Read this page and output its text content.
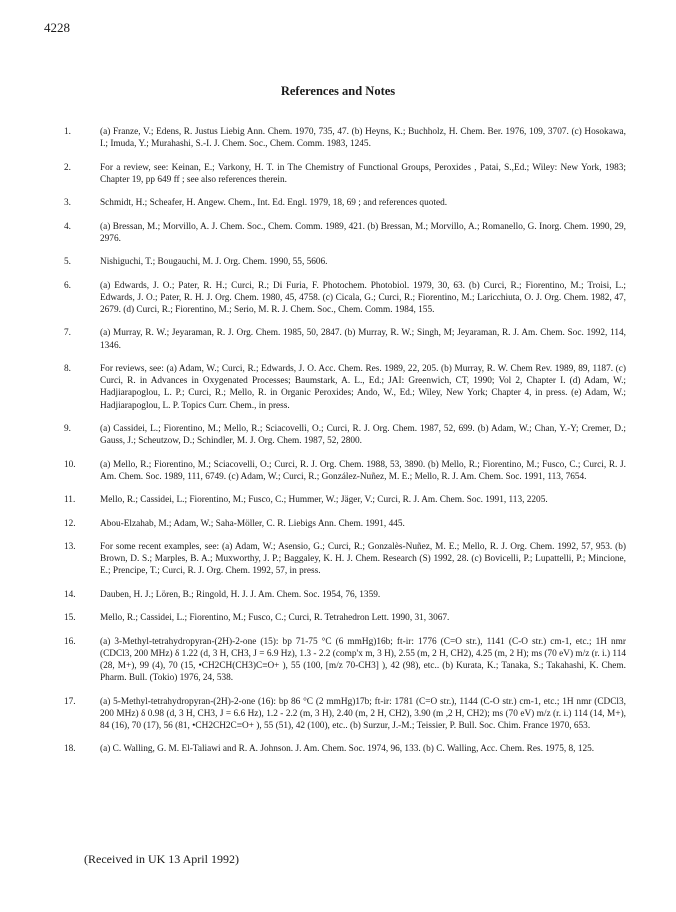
4228
References and Notes
1.	(a) Franze, V.; Edens, R. Justus Liebig Ann. Chem. 1970, 735, 47. (b) Heyns, K.; Buchholz, H. Chem. Ber. 1976, 109, 3707. (c) Hosokawa, I.; Imuda, Y.; Murahashi, S.-I. J. Chem. Soc., Chem. Comm. 1983, 1245.
2.	For a review, see: Keinan, E.; Varkony, H. T. in The Chemistry of Functional Groups, Peroxides , Patai, S.,Ed.; Wiley: New York, 1983; Chapter 19, pp 649 ff ; see also references therein.
3.	Schmidt, H.; Scheafer, H. Angew. Chem., Int. Ed. Engl. 1979, 18, 69 ; and references quoted.
4.	(a) Bressan, M.; Morvillo, A. J. Chem. Soc., Chem. Comm. 1989, 421. (b) Bressan, M.; Morvillo, A.; Romanello, G. Inorg. Chem. 1990, 29, 2976.
5.	Nishiguchi, T.; Bougauchi, M. J. Org. Chem. 1990, 55, 5606.
6.	(a) Edwards, J. O.; Pater, R. H.; Curci, R.; Di Furia, F. Photochem. Photobiol. 1979, 30, 63. (b) Curci, R.; Fiorentino, M.; Troisi, L.; Edwards, J. O.; Pater, R. H. J. Org. Chem. 1980, 45, 4758. (c) Cicala, G.; Curci, R.; Fiorentino, M.; Laricchiuta, O. J. Org. Chem. 1982, 47, 2679. (d) Curci, R.; Fiorentino, M.; Serio, M. R. J. Chem. Soc., Chem. Comm. 1984, 155.
7.	(a) Murray, R. W.; Jeyaraman, R. J. Org. Chem. 1985, 50, 2847. (b) Murray, R. W.; Singh, M; Jeyaraman, R. J. Am. Chem. Soc. 1992, 114, 1346.
8.	For reviews, see: (a) Adam, W.; Curci, R.; Edwards, J. O. Acc. Chem. Res. 1989, 22, 205. (b) Murray, R. W. Chem Rev. 1989, 89, 1187. (c) Curci, R. in Advances in Oxygenated Processes; Baumstark, A. L., Ed.; JAI: Greenwich, CT, 1990; Vol 2, Chapter I. (d) Adam, W.; Hadjiarapoglou, L. P.; Curci, R.; Mello, R. in Organic Peroxides; Ando, W., Ed.; Wiley, New York; Chapter 4, in press. (e) Adam, W.; Hadjiarapoglou, L. P. Topics Curr. Chem., in press.
9.	(a) Cassidei, L.; Fiorentino, M.; Mello, R.; Sciacovelli, O.; Curci, R. J. Org. Chem. 1987, 52, 699. (b) Adam, W.; Chan, Y.-Y; Cremer, D.; Gauss, J.; Scheutzow, D.; Schindler, M. J. Org. Chem. 1987, 52, 2800.
10.	(a) Mello, R.; Fiorentino, M.; Sciacovelli, O.; Curci, R. J. Org. Chem. 1988, 53, 3890. (b) Mello, R.; Fiorentino, M.; Fusco, C.; Curci, R. J. Am. Chem. Soc. 1989, 111, 6749. (c) Adam, W.; Curci, R.; González-Nuñez, M. E.; Mello, R. J. Am. Chem. Soc. 1991, 113, 7654.
11.	Mello, R.; Cassidei, L.; Fiorentino, M.; Fusco, C.; Hummer, W.; Jäger, V.; Curci, R. J. Am. Chem. Soc. 1991, 113, 2205.
12.	Abou-Elzahab, M.; Adam, W.; Saha-Möller, C. R. Liebigs Ann. Chem. 1991, 445.
13.	For some recent examples, see: (a) Adam, W.; Asensio, G.; Curci, R.; Gonzalès-Nuñez, M. E.; Mello, R. J. Org. Chem. 1992, 57, 953. (b) Brown, D. S.; Marples, B. A.; Muxworthy, J. P.; Baggaley, K. H. J. Chem. Research (S) 1992, 28. (c) Bovicelli, P.; Lupattelli, P.; Mincione, E.; Prencipe, T.; Curci, R. J. Org. Chem. 1992, 57, in press.
14.	Dauben, H. J.; Lören, B.; Ringold, H. J. J. Am. Chem. Soc. 1954, 76, 1359.
15.	Mello, R.; Cassidei, L.; Fiorentino, M.; Fusco, C.; Curci, R. Tetrahedron Lett. 1990, 31, 3067.
16.	(a) 3-Methyl-tetrahydropyran-(2H)-2-one (15): bp 71-75 °C (6 mmHg)16b; ft-ir: 1776 (C=O str.), 1141 (C-O str.) cm-1, etc.; 1H nmr (CDCl3, 200 MHz) δ 1.22 (d, 3 H, CH3, J = 6.9 Hz), 1.3 - 2.2 (comp'x m, 3 H), 2.55 (m, 2 H, CH2), 4.25 (m, 2 H); ms (70 eV) m/z (r. i.) 114 (28, M+), 99 (4), 70 (15, •CH2CH(CH3)C≡O+ ), 55 (100, [m/z 70-CH3] ), 42 (98), etc.. (b) Kurata, K.; Tanaka, S.; Takahashi, K. Chem. Pharm. Bull. (Tokio) 1976, 24, 538.
17.	(a) 5-Methyl-tetrahydropyran-(2H)-2-one (16): bp 86 °C (2 mmHg)17b; ft-ir: 1781 (C=O str.), 1144 (C-O str.) cm-1, etc.; 1H nmr (CDCl3, 200 MHz) δ 0.98 (d, 3 H, CH3, J = 6.6 Hz), 1.2 - 2.2 (m, 3 H), 2.40 (m, 2 H, CH2), 3.90 (m ,2 H, CH2); ms (70 eV) m/z (r. i.) 114 (14, M+), 84 (16), 70 (17), 56 (81, •CH2CH2C≡O+ ), 55 (51), 42 (100), etc.. (b) Surzur, J.-M.; Teissier, P. Bull. Soc. Chim. France 1970, 653.
18.	(a) C. Walling, G. M. El-Taliawi and R. A. Johnson. J. Am. Chem. Soc. 1974, 96, 133. (b) C. Walling, Acc. Chem. Res. 1975, 8, 125.
(Received in UK 13 April 1992)
